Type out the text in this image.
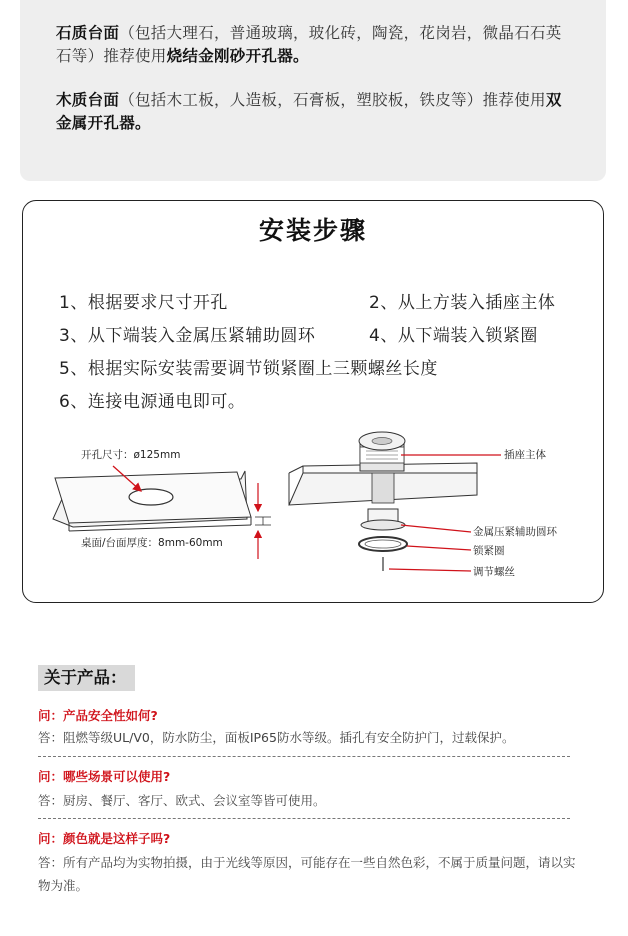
石质台面（包括大理石，普通玻璃，玻化砖，陶瓷，花岗岩，微晶石石英石等）推荐使用烧结金刚砂开孔器。

木质台面（包括木工板，人造板，石膏板，塑胶板，铁皮等）推荐使用双金属开孔器。

安装步骤
1、根据要求尺寸开孔	2、从上方装入插座主体
3、从下端装入金属压紧辅助圆环	4、从下端装入锁紧圈
5、根据实际安装需要调节锁紧圈上三颗螺丝长度
6、连接电源通电即可。
开孔尺寸：ø125mm
桌面/台面厚度：8mm-60mm
插座主体
金属压紧辅助圆环
锁紧圈
调节螺丝
关于产品：
问：产品安全性如何?
答：阻燃等级UL/V0，防水防尘，面板IP65防水等级。插孔有安全防护门，过载保护。
问：哪些场景可以使用?
答：厨房、餐厅、客厅、欧式、会议室等皆可使用。
问：颜色就是这样子吗?
答：所有产品均为实物拍摄，由于光线等原因，可能存在一些自然色彩，不属于质量问题，请以实物为准。
